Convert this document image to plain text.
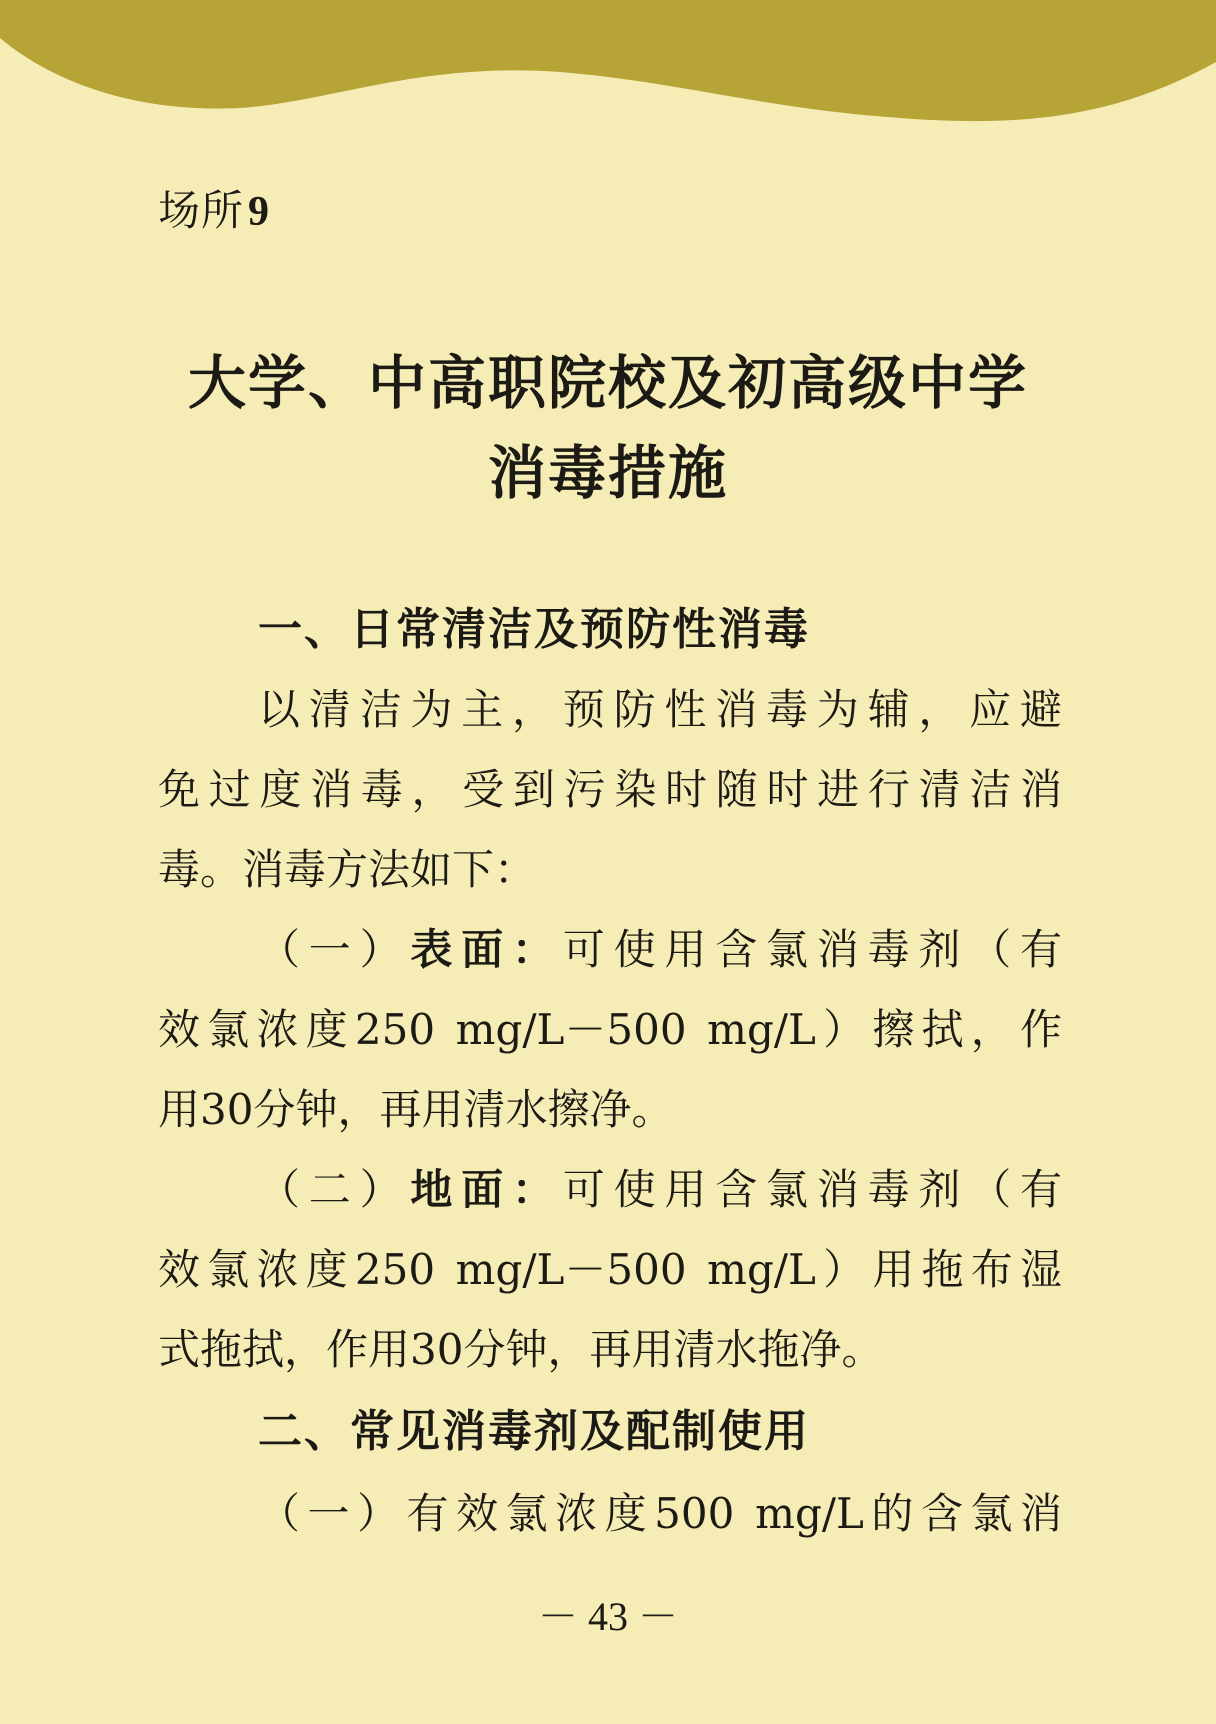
场所9
大学、中高职院校及初高级中学
消毒措施
一、日常清洁及预防性消毒

以清洁为主，预防性消毒为辅，应避
免过度消毒，受到污染时随时进行清洁消
毒。消毒方法如下：

（一）表面：可使用含氯消毒剂（有
效氯浓度250 mg/L－500 mg/L）擦拭，作
用30分钟，再用清水擦净。

（二）地面：可使用含氯消毒剂（有
效氯浓度250 mg/L－500 mg/L）用拖布湿
式拖拭，作用30分钟，再用清水拖净。

二、常见消毒剂及配制使用

（一）有效氯浓度500 mg/L的含氯消

－ 43 －
